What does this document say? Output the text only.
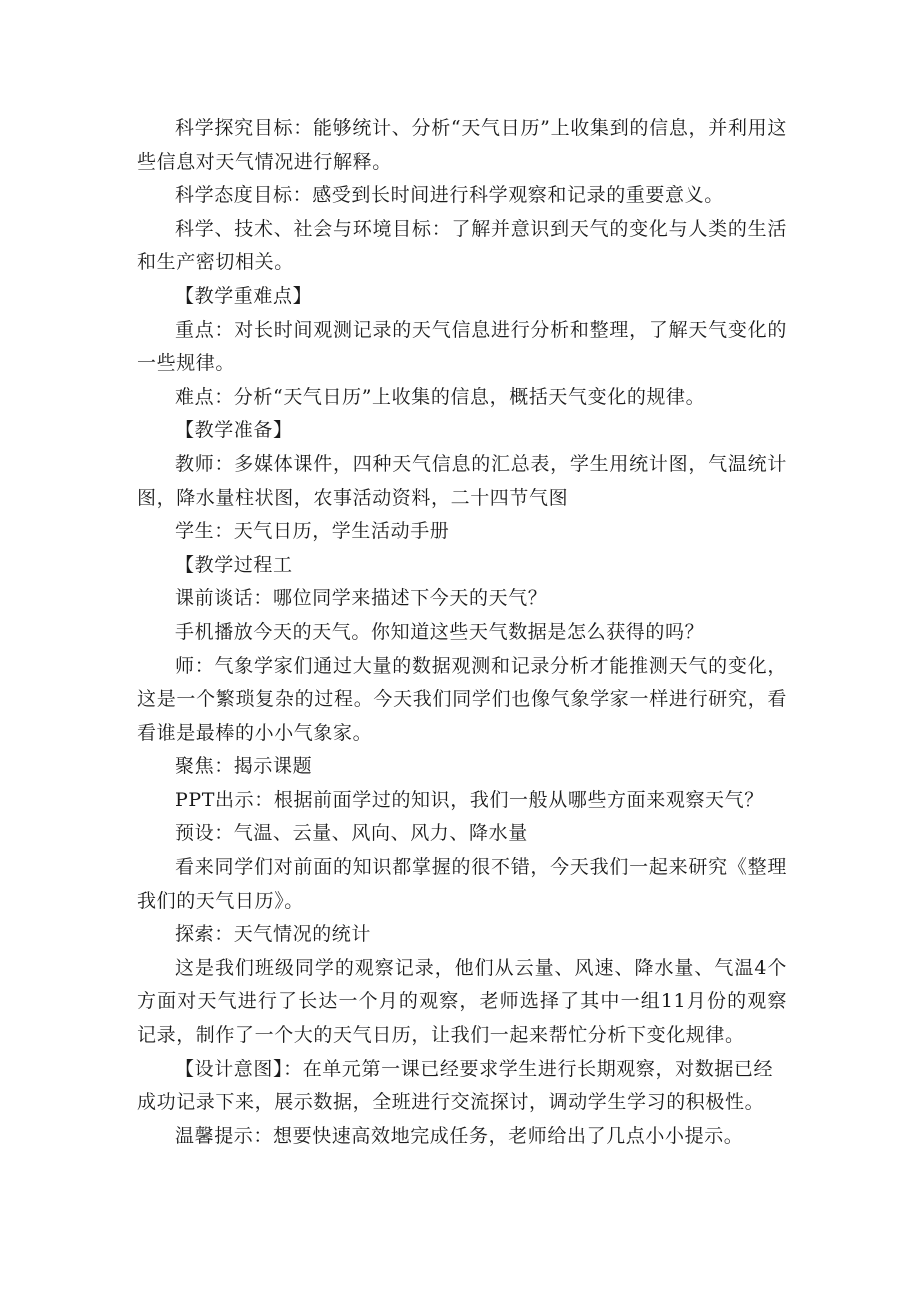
科学探究目标：能够统计、分析“天气日历”上收集到的信息，并利用这些信息对天气情况进行解释。

科学态度目标：感受到长时间进行科学观察和记录的重要意义。

科学、技术、社会与环境目标：了解并意识到天气的变化与人类的生活和生产密切相关。

【教学重难点】

重点：对长时间观测记录的天气信息进行分析和整理，了解天气变化的一些规律。

难点：分析“天气日历”上收集的信息，概括天气变化的规律。

【教学准备】

教师：多媒体课件，四种天气信息的汇总表，学生用统计图，气温统计图，降水量柱状图，农事活动资料，二十四节气图

学生：天气日历，学生活动手册

【教学过程工

课前谈话：哪位同学来描述下今天的天气？

手机播放今天的天气。你知道这些天气数据是怎么获得的吗？

师：气象学家们通过大量的数据观测和记录分析才能推测天气的变化，这是一个繁琐复杂的过程。今天我们同学们也像气象学家一样进行研究，看看谁是最棒的小小气象家。

聚焦：揭示课题

PPT出示：根据前面学过的知识，我们一般从哪些方面来观察天气？

预设：气温、云量、风向、风力、降水量

看来同学们对前面的知识都掌握的很不错，今天我们一起来研究《整理我们的天气日历》。

探索：天气情况的统计

这是我们班级同学的观察记录，他们从云量、风速、降水量、气温4个方面对天气进行了长达一个月的观察，老师选择了其中一组11月份的观察记录，制作了一个大的天气日历，让我们一起来帮忙分析下变化规律。

【设计意图】：在单元第一课已经要求学生进行长期观察，对数据已经成功记录下来，展示数据，全班进行交流探讨，调动学生学习的积极性。

温馨提示：想要快速高效地完成任务，老师给出了几点小小提示。
